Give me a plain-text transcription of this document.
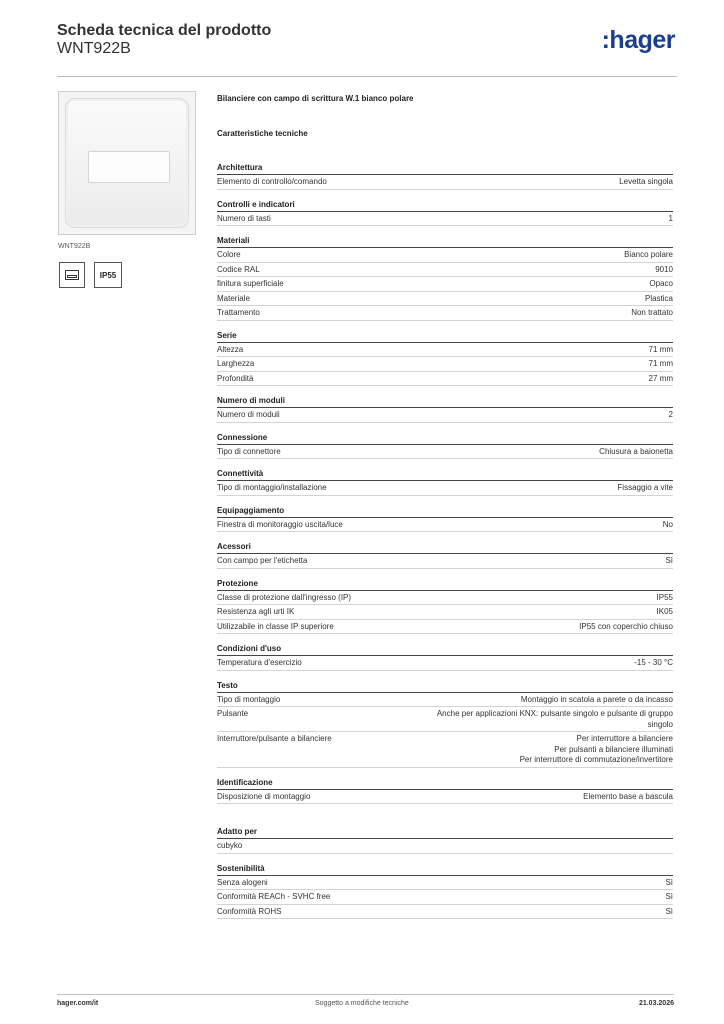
Scheda tecnica del prodotto
WNT922B	:hager
WNT922B
IP55
Bilanciere con campo di scrittura W.1 bianco polare
Caratteristiche tecniche
Architettura
Elemento di controllo/comando	Levetta singola
Controlli e indicatori
Numero di tasti	1
Materiali
Colore	Bianco polare
Codice RAL	9010
finitura superficiale	Opaco
Materiale	Plastica
Trattamento	Non trattato
Serie
Altezza	71 mm
Larghezza	71 mm
Profondità	27 mm
Numero di moduli
Numero di moduli	2
Connessione
Tipo di connettore	Chiusura a baionetta
Connettività
Tipo di montaggio/installazione	Fissaggio a vite
Equipaggiamento
Finestra di monitoraggio uscita/luce	No
Acessori
Con campo per l'etichetta	Sì
Protezione
Classe di protezione dall'ingresso (IP)	IP55
Resistenza agli urti IK	IK05
Utilizzabile in classe IP superiore	IP55 con coperchio chiuso
Condizioni d'uso
Temperatura d'esercizio	-15 - 30 °C
Testo
Tipo di montaggio	Montaggio in scatola a parete o da incasso
Pulsante	Anche per applicazioni KNX: pulsante singolo e pulsante di gruppo
singolo
Interruttore/pulsante a bilanciere	Per interruttore a bilanciere
Per pulsanti a bilanciere illuminati
Per interruttore di commutazione/invertitore
Identificazione
Disposizione di montaggio	Elemento base a bascula
Adatto per
cubyko
Sostenibilità
Senza alogeni	Sì
Conformità REACh - SVHC free	Sì
Conformità ROHS	Sì
hager.com/it	Soggetto a modifiche tecniche	21.03.2026
